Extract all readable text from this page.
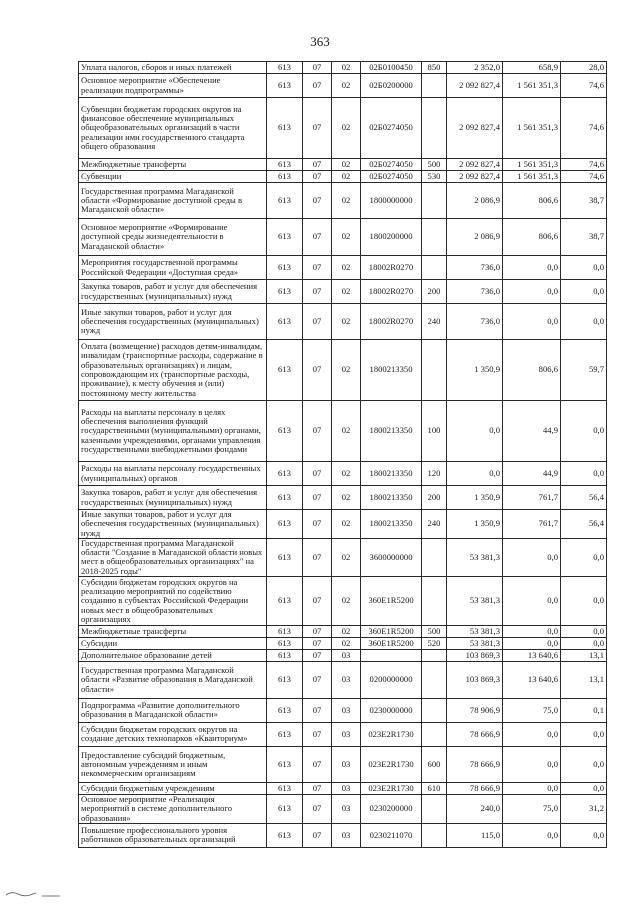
363
Уплата налогов, сборов и иных платежей	613	07	02	02Б0100450	850	2 352,0	658,9	28,0
Основное мероприятие «Обеспечение реализации подпрограммы»	613	07	02	02Б0200000		2 092 827,4	1 561 351,3	74,6
Субвенции бюджетам городских округов на финансовое обеспечение муниципальных общеобразовательных организаций в части реализации ими государственного стандарта общего образования	613	07	02	02Б0274050		2 092 827,4	1 561 351,3	74,6
Межбюджетные трансферты	613	07	02	02Б0274050	500	2 092 827,4	1 561 351,3	74,6
Субвенции	613	07	02	02Б0274050	530	2 092 827,4	1 561 351,3	74,6
Государственная программа Магаданской области «Формирование доступной среды в Магаданской области»	613	07	02	1800000000		2 086,9	806,6	38,7
Основное мероприятие «Формирование доступной среды жизнедеятельности в Магаданской области»	613	07	02	1800200000		2 086,9	806,6	38,7
Мероприятия государственной программы Российской Федерации «Доступная среда»	613	07	02	18002R0270		736,0	0,0	0,0
Закупка товаров, работ и услуг для обеспечения государственных (муниципальных) нужд	613	07	02	18002R0270	200	736,0	0,0	0,0
Иные закупки товаров, работ и услуг для обеспечения государственных (муниципальных) нужд	613	07	02	18002R0270	240	736,0	0,0	0,0
Оплата (возмещение) расходов детям-инвалидам, инвалидам (транспортные расходы, содержание в образовательных организациях) и лицам, сопровождающим их (транспортные расходы, проживание), к месту обучения и (или) постоянному месту жительства	613	07	02	1800213350		1 350,9	806,6	59,7
Расходы на выплаты персоналу в целях обеспечения выполнения функций государственными (муниципальными) органами, казенными учреждениями, органами управления государственными внебюджетными фондами	613	07	02	1800213350	100	0,0	44,9	0,0
Расходы на выплаты персоналу государственных (муниципальных) органов	613	07	02	1800213350	120	0,0	44,9	0,0
Закупка товаров, работ и услуг для обеспечения государственных (муниципальных) нужд	613	07	02	1800213350	200	1 350,9	761,7	56,4
Иные закупки товаров, работ и услуг для обеспечения государственных (муниципальных) нужд	613	07	02	1800213350	240	1 350,9	761,7	56,4
Государственная программа Магаданской области "Создание в Магаданской области новых мест в общеобразовательных организациях" на 2018-2025 годы"	613	07	02	3600000000		53 381,3	0,0	0,0
Субсидии бюджетам городских округов на реализацию мероприятий по содействию созданию в субъектах Российской Федерации новых мест в общеобразовательных организациях	613	07	02	360E1R5200		53 381,3	0,0	0,0
Межбюджетные трансферты	613	07	02	360E1R5200	500	53 381,3	0,0	0,0
Субсидии	613	07	02	360E1R5200	520	53 381,3	0,0	0,0
Дополнительное образование детей	613	07	03			103 869,3	13 640,6	13,1
Государственная программа Магаданской области «Развитие образования в Магаданской области»	613	07	03	0200000000		103 869,3	13 640,6	13,1
Подпрограмма «Развитие дополнительного образования в Магаданской области»	613	07	03	0230000000		78 906,9	75,0	0,1
Субсидии бюджетам городских округов на создание детских технопарков «Кванториум»	613	07	03	023E2R1730		78 666,9	0,0	0,0
Предоставление субсидий бюджетным, автономным учреждениям и иным некоммерческим организациям	613	07	03	023E2R1730	600	78 666,9	0,0	0,0
Субсидии бюджетным учреждениям	613	07	03	023E2R1730	610	78 666,9	0,0	0,0
Основное мероприятие «Реализация мероприятий в системе дополнительного образования»	613	07	03	0230200000		240,0	75,0	31,2
Повышение профессионального уровня работников образовательных организаций	613	07	03	0230211070		115,0	0,0	0,0
